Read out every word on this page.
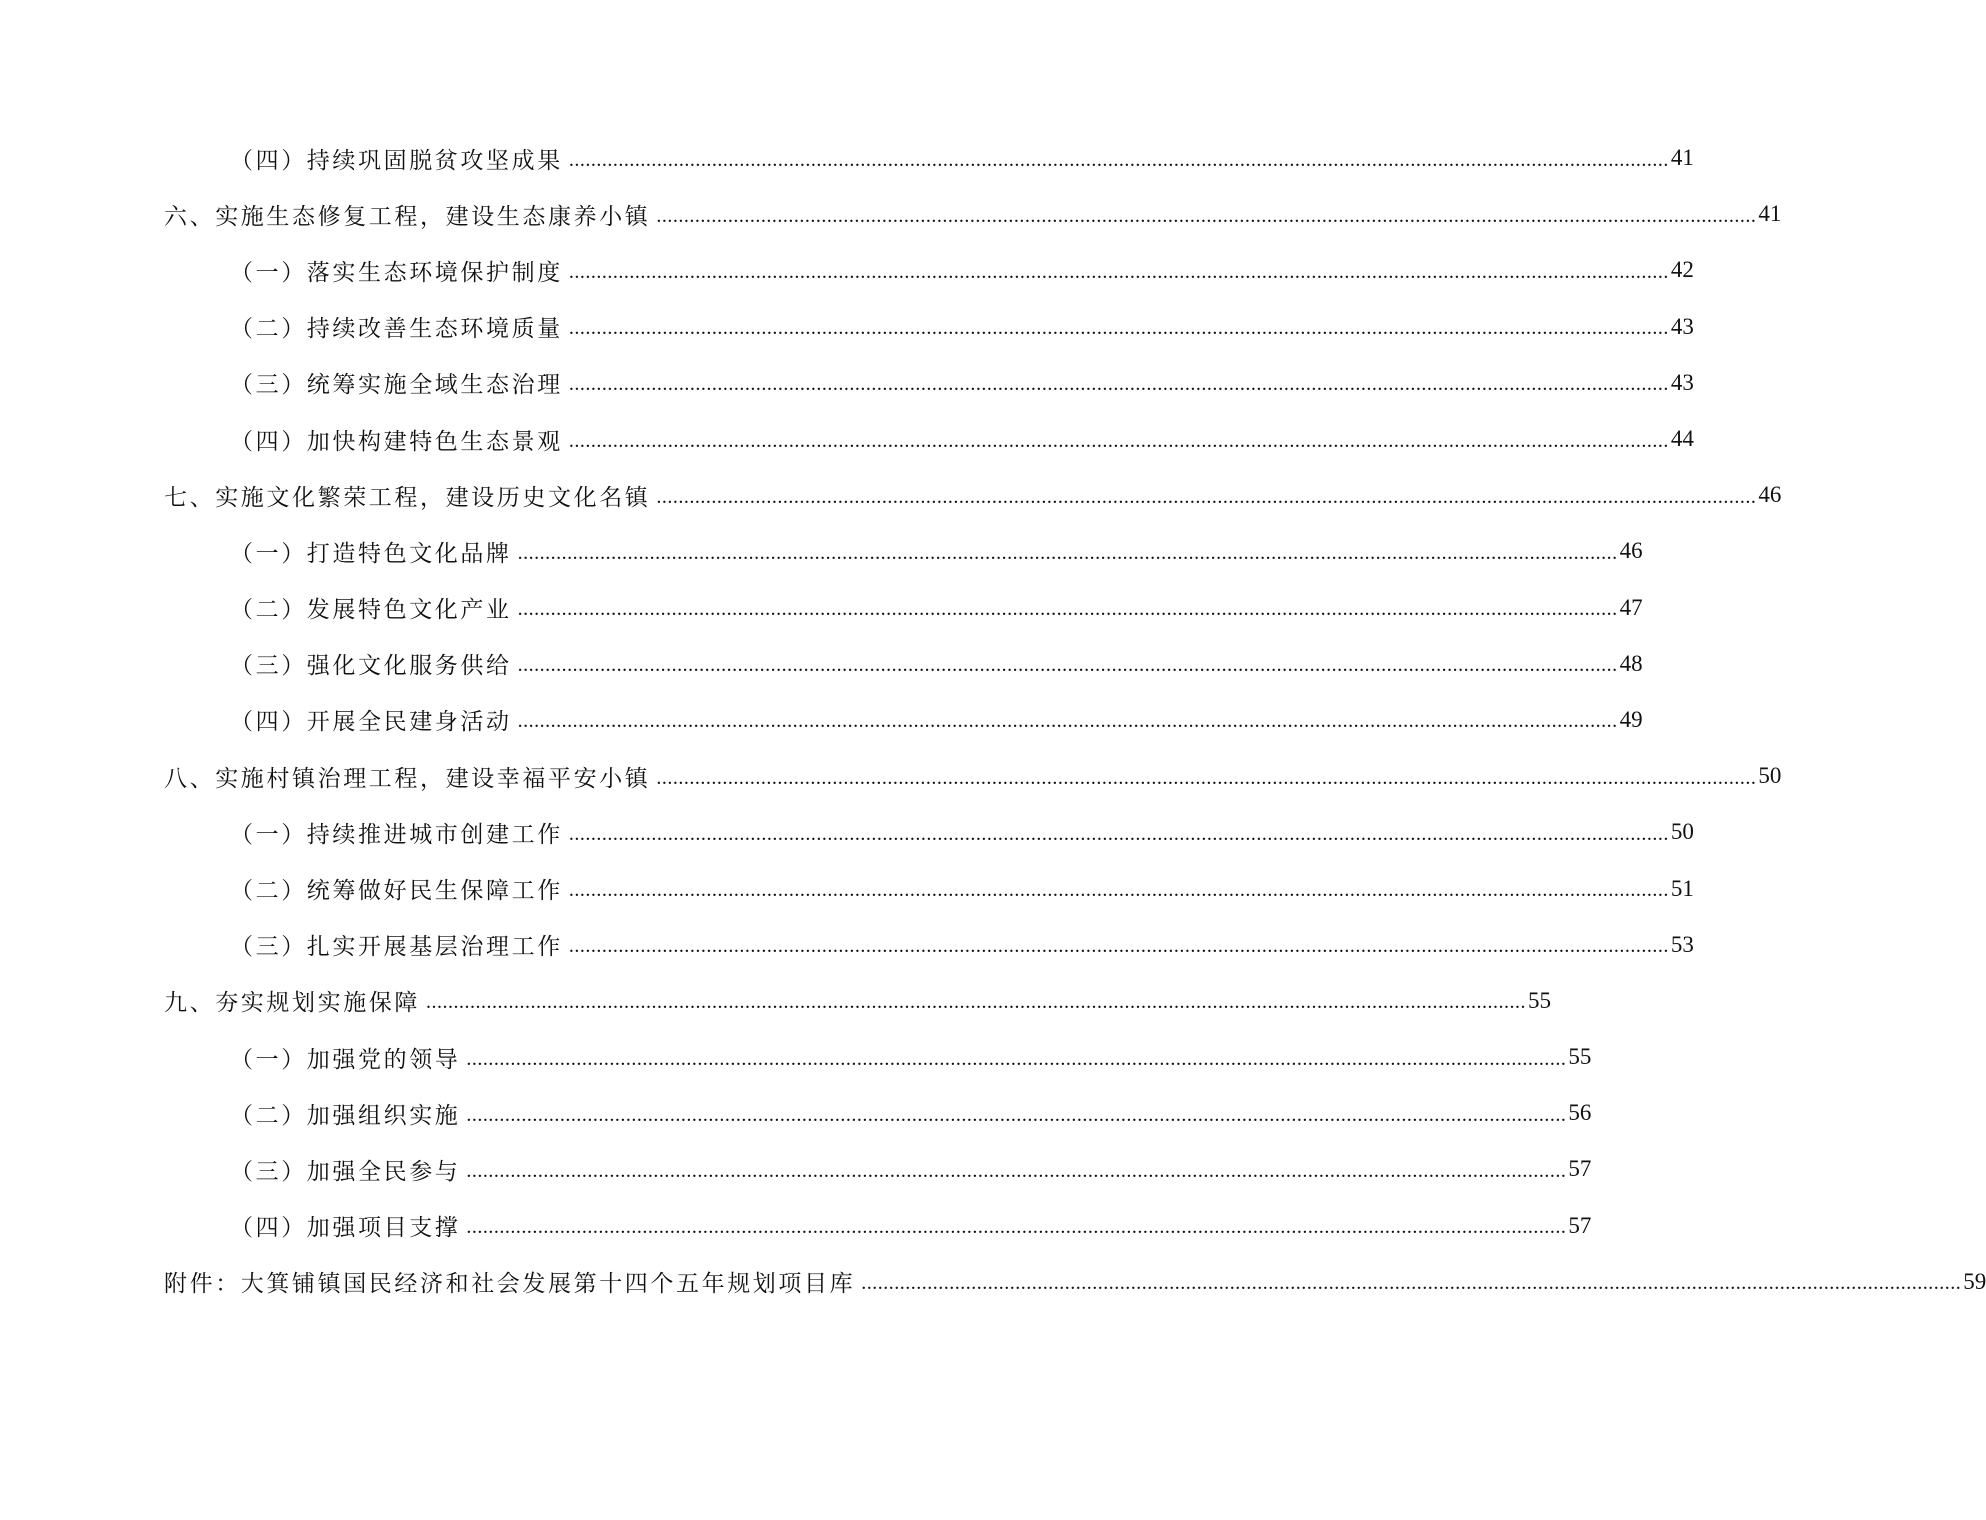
（四）持续巩固脱贫攻坚成果 ........................................................................................................................................................................................................ 41
六、实施生态修复工程，建设生态康养小镇 ........................................................................................................................................................................................................ 41
（一）落实生态环境保护制度 ........................................................................................................................................................................................................ 42
（二）持续改善生态环境质量 ........................................................................................................................................................................................................ 43
（三）统筹实施全域生态治理 ........................................................................................................................................................................................................ 43
（四）加快构建特色生态景观 ........................................................................................................................................................................................................ 44
七、实施文化繁荣工程，建设历史文化名镇 ........................................................................................................................................................................................................ 46
（一）打造特色文化品牌 ........................................................................................................................................................................................................ 46
（二）发展特色文化产业 ........................................................................................................................................................................................................ 47
（三）强化文化服务供给 ........................................................................................................................................................................................................ 48
（四）开展全民建身活动 ........................................................................................................................................................................................................ 49
八、实施村镇治理工程，建设幸福平安小镇 ........................................................................................................................................................................................................ 50
（一）持续推进城市创建工作 ........................................................................................................................................................................................................ 50
（二）统筹做好民生保障工作 ........................................................................................................................................................................................................ 51
（三）扎实开展基层治理工作 ........................................................................................................................................................................................................ 53
九、夯实规划实施保障 ........................................................................................................................................................................................................ 55
（一）加强党的领导 ........................................................................................................................................................................................................ 55
（二）加强组织实施 ........................................................................................................................................................................................................ 56
（三）加强全民参与 ........................................................................................................................................................................................................ 57
（四）加强项目支撑 ........................................................................................................................................................................................................ 57
附件：大箕铺镇国民经济和社会发展第十四个五年规划项目库 ........................................................................................................................................................................................................ 59
